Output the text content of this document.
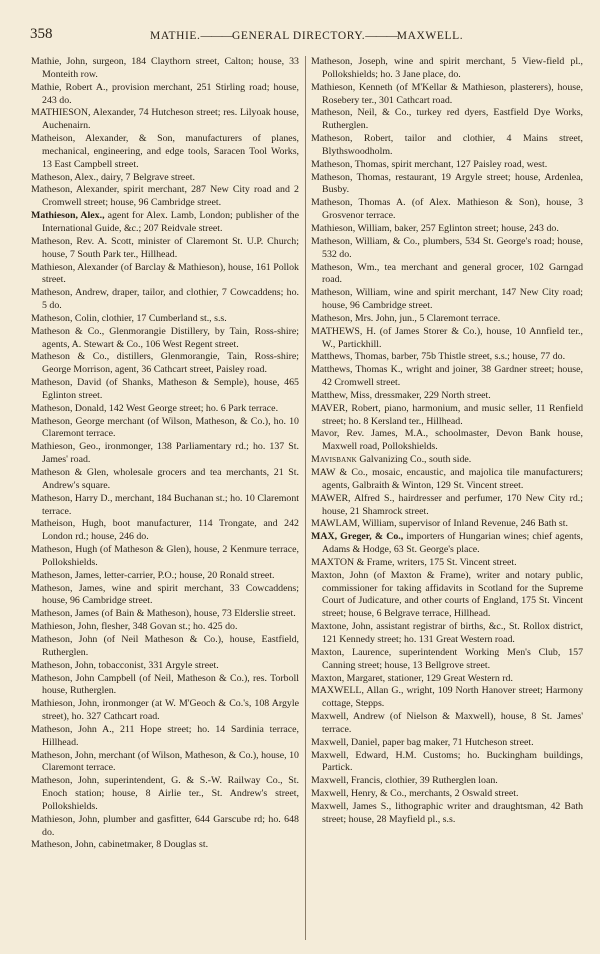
358	MATHIE.———GENERAL DIRECTORY.———MAXWELL.

Mathie, John, surgeon, 184 Claythorn street, Calton; house, 33 Monteith row.

Mathie, Robert A., provision merchant, 251 Stirling road; house, 243 do.

MATHIESON, Alexander, 74 Hutcheson street; res. Lilyoak house, Auchenairn.

Matheison, Alexander, & Son, manufacturers of planes, mechanical, engineering, and edge tools, Saracen Tool Works, 13 East Campbell street.

Matheson, Alex., dairy, 7 Belgrave street.

Matheson, Alexander, spirit merchant, 287 New City road and 2 Cromwell street; house, 96 Cambridge street.

Mathieson, Alex., agent for Alex. Lamb, London; publisher of the International Guide, &c.; 207 Reidvale street.

Matheson, Rev. A. Scott, minister of Claremont St. U.P. Church; house, 7 South Park ter., Hillhead.

Mathieson, Alexander (of Barclay & Mathieson), house, 161 Pollok street.

Matheson, Andrew, draper, tailor, and clothier, 7 Cowcaddens; ho. 5 do.

Matheson, Colin, clothier, 17 Cumberland st., s.s.

Matheson & Co., Glenmorangie Distillery, by Tain, Ross-shire; agents, A. Stewart & Co., 106 West Regent street.

Matheson & Co., distillers, Glenmorangie, Tain, Ross-shire; George Morrison, agent, 36 Cathcart street, Paisley road.

Matheson, David (of Shanks, Matheson & Semple), house, 465 Eglinton street.

Matheson, Donald, 142 West George street; ho. 6 Park terrace.

Matheson, George merchant (of Wilson, Matheson, & Co.), ho. 10 Claremont terrace.

Mathieson, Geo., ironmonger, 138 Parliamentary rd.; ho. 137 St. James' road.

Matheson & Glen, wholesale grocers and tea merchants, 21 St. Andrew's square.

Matheson, Harry D., merchant, 184 Buchanan st.; ho. 10 Claremont terrace.

Matheison, Hugh, boot manufacturer, 114 Trongate, and 242 London rd.; house, 246 do.

Matheson, Hugh (of Matheson & Glen), house, 2 Kenmure terrace, Pollokshields.

Matheson, James, letter-carrier, P.O.; house, 20 Ronald street.

Matheson, James, wine and spirit merchant, 33 Cowcaddens; house, 96 Cambridge street.

Matheson, James (of Bain & Matheson), house, 73 Elderslie street.

Mathieson, John, flesher, 348 Govan st.; ho. 425 do.

Matheson, John (of Neil Matheson & Co.), house, Eastfield, Rutherglen.

Matheson, John, tobacconist, 331 Argyle street.

Matheson, John Campbell (of Neil, Matheson & Co.), res. Torboll house, Rutherglen.

Mathieson, John, ironmonger (at W. M'Geoch & Co.'s, 108 Argyle street), ho. 327 Cathcart road.

Matheson, John A., 211 Hope street; ho. 14 Sardinia terrace, Hillhead.

Matheson, John, merchant (of Wilson, Matheson, & Co.), house, 10 Claremont terrace.

Matheson, John, superintendent, G. & S.-W. Railway Co., St. Enoch station; house, 8 Airlie ter., St. Andrew's street, Pollokshields.

Mathieson, John, plumber and gasfitter, 644 Garscube rd; ho. 648 do.

Matheson, John, cabinetmaker, 8 Douglas st.

Matheson, Joseph, wine and spirit merchant, 5 View-field pl., Pollokshields; ho. 3 Jane place, do.

Mathieson, Kenneth (of M'Kellar & Mathieson, plasterers), house, Rosebery ter., 301 Cathcart road.

Matheson, Neil, & Co., turkey red dyers, Eastfield Dye Works, Rutherglen.

Matheson, Robert, tailor and clothier, 4 Mains street, Blythswoodholm.

Matheson, Thomas, spirit merchant, 127 Paisley road, west.

Matheson, Thomas, restaurant, 19 Argyle street; house, Ardenlea, Busby.

Matheson, Thomas A. (of Alex. Mathieson & Son), house, 3 Grosvenor terrace.

Mathieson, William, baker, 257 Eglinton street; house, 243 do.

Matheson, William, & Co., plumbers, 534 St. George's road; house, 532 do.

Matheson, Wm., tea merchant and general grocer, 102 Garngad road.

Matheson, William, wine and spirit merchant, 147 New City road; house, 96 Cambridge street.

Matheson, Mrs. John, jun., 5 Claremont terrace.

MATHEWS, H. (of James Storer & Co.), house, 10 Annfield ter., W., Partickhill.

Matthews, Thomas, barber, 75b Thistle street, s.s.; house, 77 do.

Matthews, Thomas K., wright and joiner, 38 Gardner street; house, 42 Cromwell street.

Matthew, Miss, dressmaker, 229 North street.

MAVER, Robert, piano, harmonium, and music seller, 11 Renfield street; ho. 8 Kersland ter., Hillhead.

Mavor, Rev. James, M.A., schoolmaster, Devon Bank house, Maxwell road, Pollokshields.

Mavisbank Galvanizing Co., south side.

MAW & Co., mosaic, encaustic, and majolica tile manufacturers; agents, Galbraith & Winton, 129 St. Vincent street.

MAWER, Alfred S., hairdresser and perfumer, 170 New City rd.; house, 21 Shamrock street.

MAWLAM, William, supervisor of Inland Revenue, 246 Bath st.

MAX, Greger, & Co., importers of Hungarian wines; chief agents, Adams & Hodge, 63 St. George's place.

MAXTON & Frame, writers, 175 St. Vincent street.

Maxton, John (of Maxton & Frame), writer and notary public, commissioner for taking affidavits in Scotland for the Supreme Court of Judicature, and other courts of England, 175 St. Vincent street; house, 6 Belgrave terrace, Hillhead.

Maxtone, John, assistant registrar of births, &c., St. Rollox district, 121 Kennedy street; ho. 131 Great Western road.

Maxton, Laurence, superintendent Working Men's Club, 157 Canning street; house, 13 Bellgrove street.

Maxton, Margaret, stationer, 129 Great Western rd.

MAXWELL, Allan G., wright, 109 North Hanover street; Harmony cottage, Stepps.

Maxwell, Andrew (of Nielson & Maxwell), house, 8 St. James' terrace.

Maxwell, Daniel, paper bag maker, 71 Hutcheson street.

Maxwell, Edward, H.M. Customs; ho. Buckingham buildings, Partick.

Maxwell, Francis, clothier, 39 Rutherglen loan.

Maxwell, Henry, & Co., merchants, 2 Oswald street.

Maxwell, James S., lithographic writer and draughtsman, 42 Bath street; house, 28 Mayfield pl., s.s.
